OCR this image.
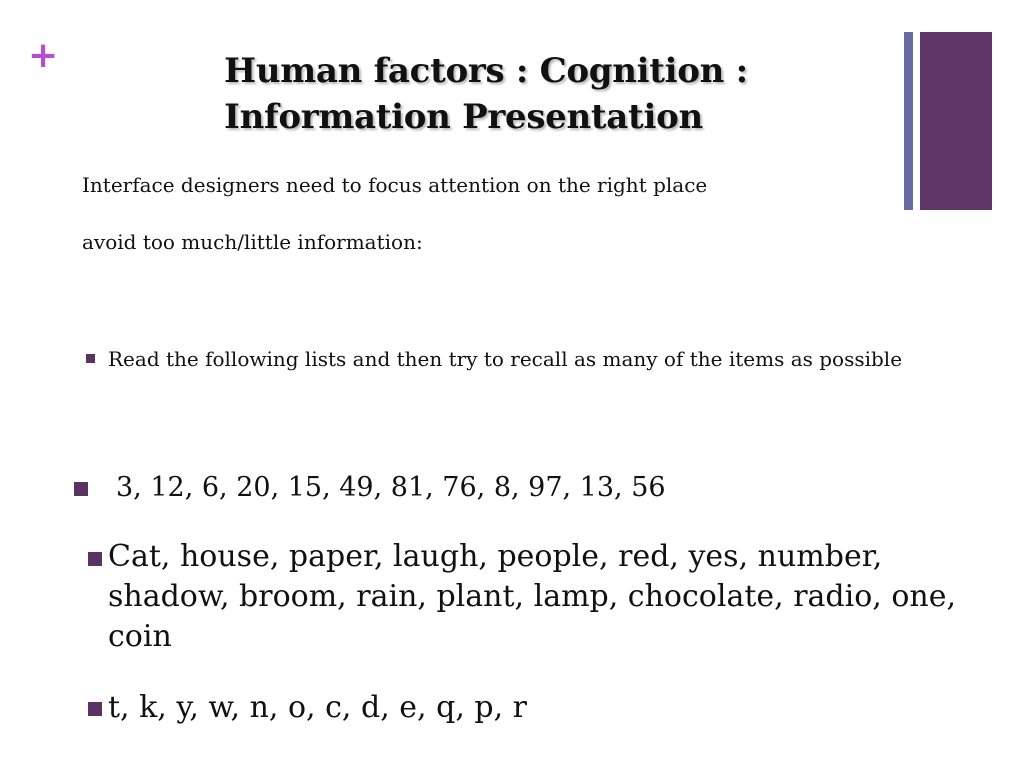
+	Human factors : Cognition :
Information Presentation

Interface designers need to focus attention on the right place

avoid too much/little information:

Read the following lists and then try to recall as many of the items as possible

3, 12, 6, 20, 15, 49, 81, 76, 8, 97, 13, 56

Cat, house, paper, laugh, people, red, yes, number, shadow, broom, rain, plant, lamp, chocolate, radio, one, coin

t, k, y, w, n, o, c, d, e, q, p, r
